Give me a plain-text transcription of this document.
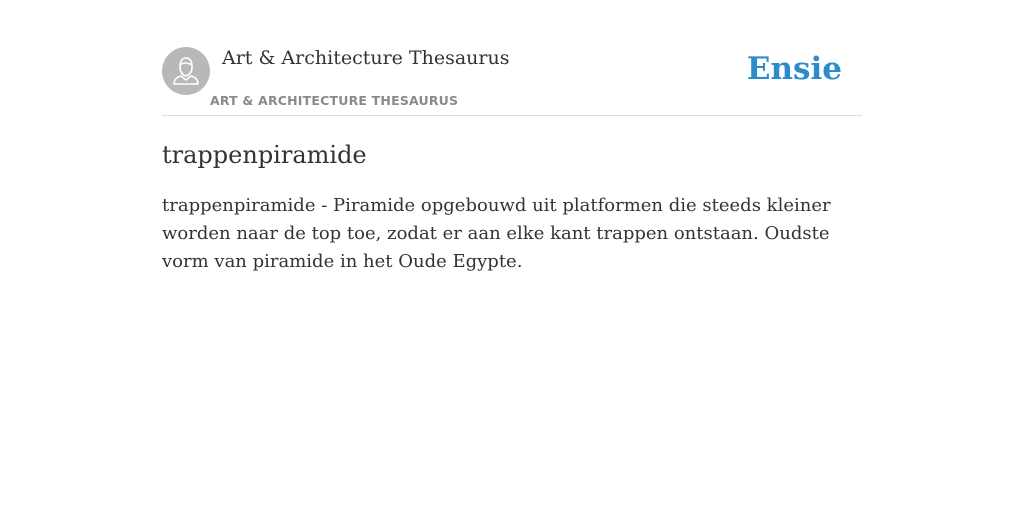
Art & Architecture Thesaurus
ART & ARCHITECTURE THESAURUS
Ensie
trappenpiramide

trappenpiramide - Piramide opgebouwd uit platformen die steeds kleiner worden naar de top toe, zodat er aan elke kant trappen ontstaan. Oudste vorm van piramide in het Oude Egypte.
